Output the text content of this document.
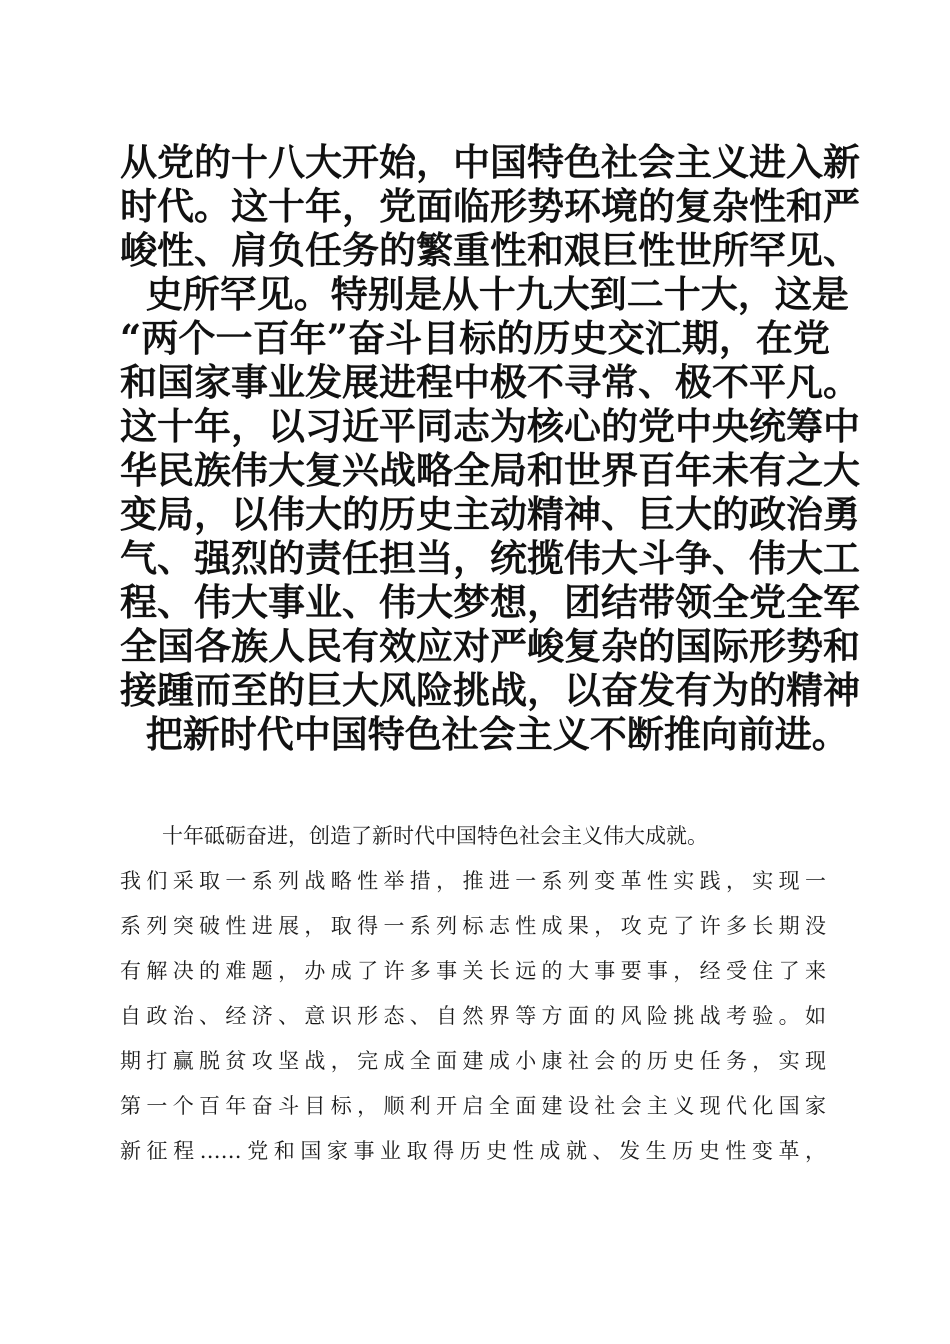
从党的十八大开始，中国特色社会主义进入新
时代。这十年，党面临形势环境的复杂性和严
峻性、肩负任务的繁重性和艰巨性世所罕见、
史所罕见。特别是从十九大到二十大，这是
“两个一百年”奋斗目标的历史交汇期，在党
和国家事业发展进程中极不寻常、极不平凡。
这十年，以习近平同志为核心的党中央统筹中
华民族伟大复兴战略全局和世界百年未有之大
变局，以伟大的历史主动精神、巨大的政治勇
气、强烈的责任担当，统揽伟大斗争、伟大工
程、伟大事业、伟大梦想，团结带领全党全军
全国各族人民有效应对严峻复杂的国际形势和
接踵而至的巨大风险挑战，以奋发有为的精神
把新时代中国特色社会主义不断推向前进。
十年砥砺奋进，创造了新时代中国特色社会主义伟大成就。
我们采取一系列战略性举措，推进一系列变革性实践，实现一
系列突破性进展，取得一系列标志性成果，攻克了许多长期没
有解决的难题，办成了许多事关长远的大事要事，经受住了来
自政治、经济、意识形态、自然界等方面的风险挑战考验。如
期打赢脱贫攻坚战，完成全面建成小康社会的历史任务，实现
第一个百年奋斗目标，顺利开启全面建设社会主义现代化国家
新征程……党和国家事业取得历史性成就、发生历史性变革，
